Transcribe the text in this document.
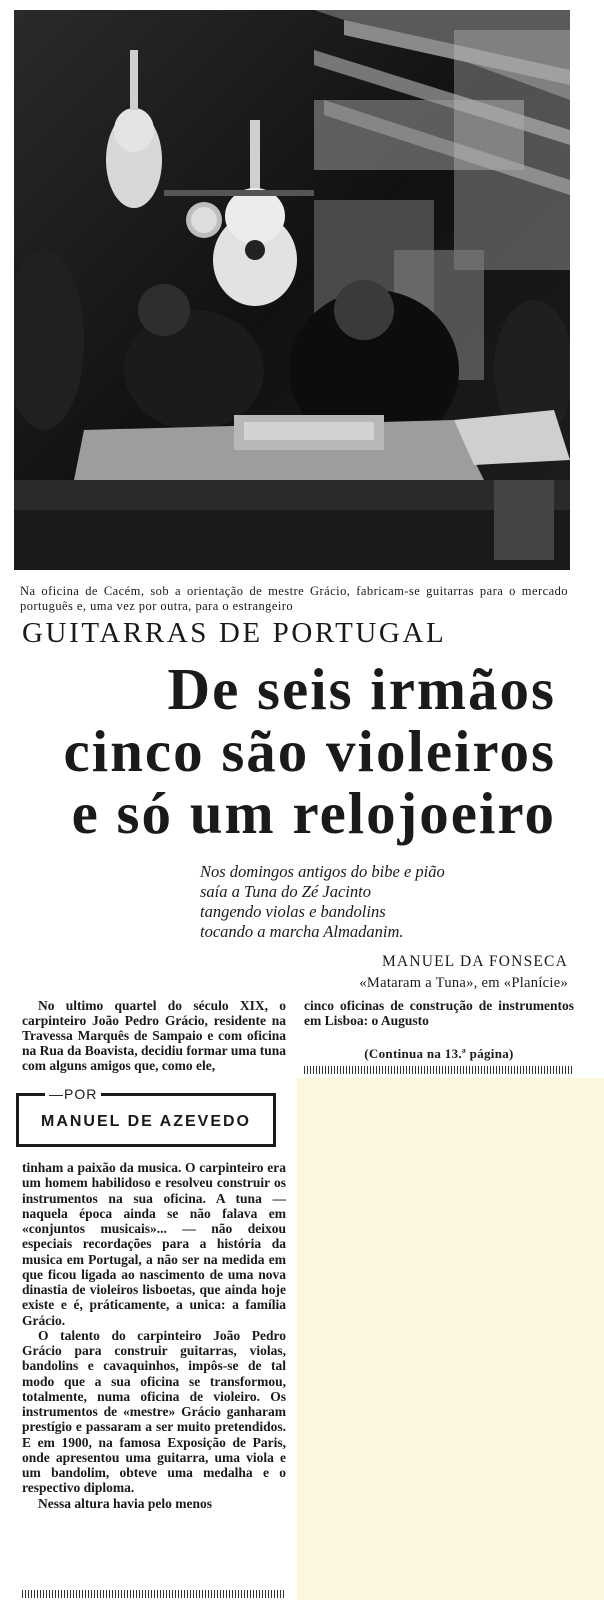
Na oficina de Cacém, sob a orientação de mestre Grácio, fabricam-se guitarras para o mercado português e, uma vez por outra, para o estrangeiro
GUITARRAS DE PORTUGAL
De seis irmãos
cinco são violeiros
e só um relojoeiro
Nos domingos antigos do bibe e pião
saía a Tuna do Zé Jacinto
tangendo violas e bandolins
tocando a marcha Almadanim.
MANUEL DA FONSECA
«Mataram a Tuna», em «Planície»

No ultimo quartel do século XIX, o carpinteiro João Pedro Grácio, residente na Travessa Marquês de Sampaio e com oficina na Rua da Boavista, decidiu formar uma tuna com alguns amigos que, como ele,

—POR
MANUEL DE AZEVEDO

tinham a paixão da musica. O carpinteiro era um homem habilidoso e resolveu construir os instrumentos na sua oficina. A tuna — naquela época ainda se não falava em «conjuntos musicais»... — não deixou especiais recordações para a história da musica em Portugal, a não ser na medida em que ficou ligada ao nascimento de uma nova dinastia de violeiros lisboetas, que ainda hoje existe e é, práticamente, a unica: a família Grácio.

O talento do carpinteiro João Pedro Grácio para construir guitarras, violas, bandolins e cavaquinhos, impôs-se de tal modo que a sua oficina se transformou, totalmente, numa oficina de violeiro. Os instrumentos de «mestre» Grácio ganharam prestígio e passaram a ser muito pretendidos. E em 1900, na famosa Exposição de Paris, onde apresentou uma guitarra, uma viola e um bandolim, obteve uma medalha e o respectivo diploma.

Nessa altura havia pelo menos

cinco oficinas de construção de instrumentos em Lisboa: o Augusto
(Continua na 13.ª página)
